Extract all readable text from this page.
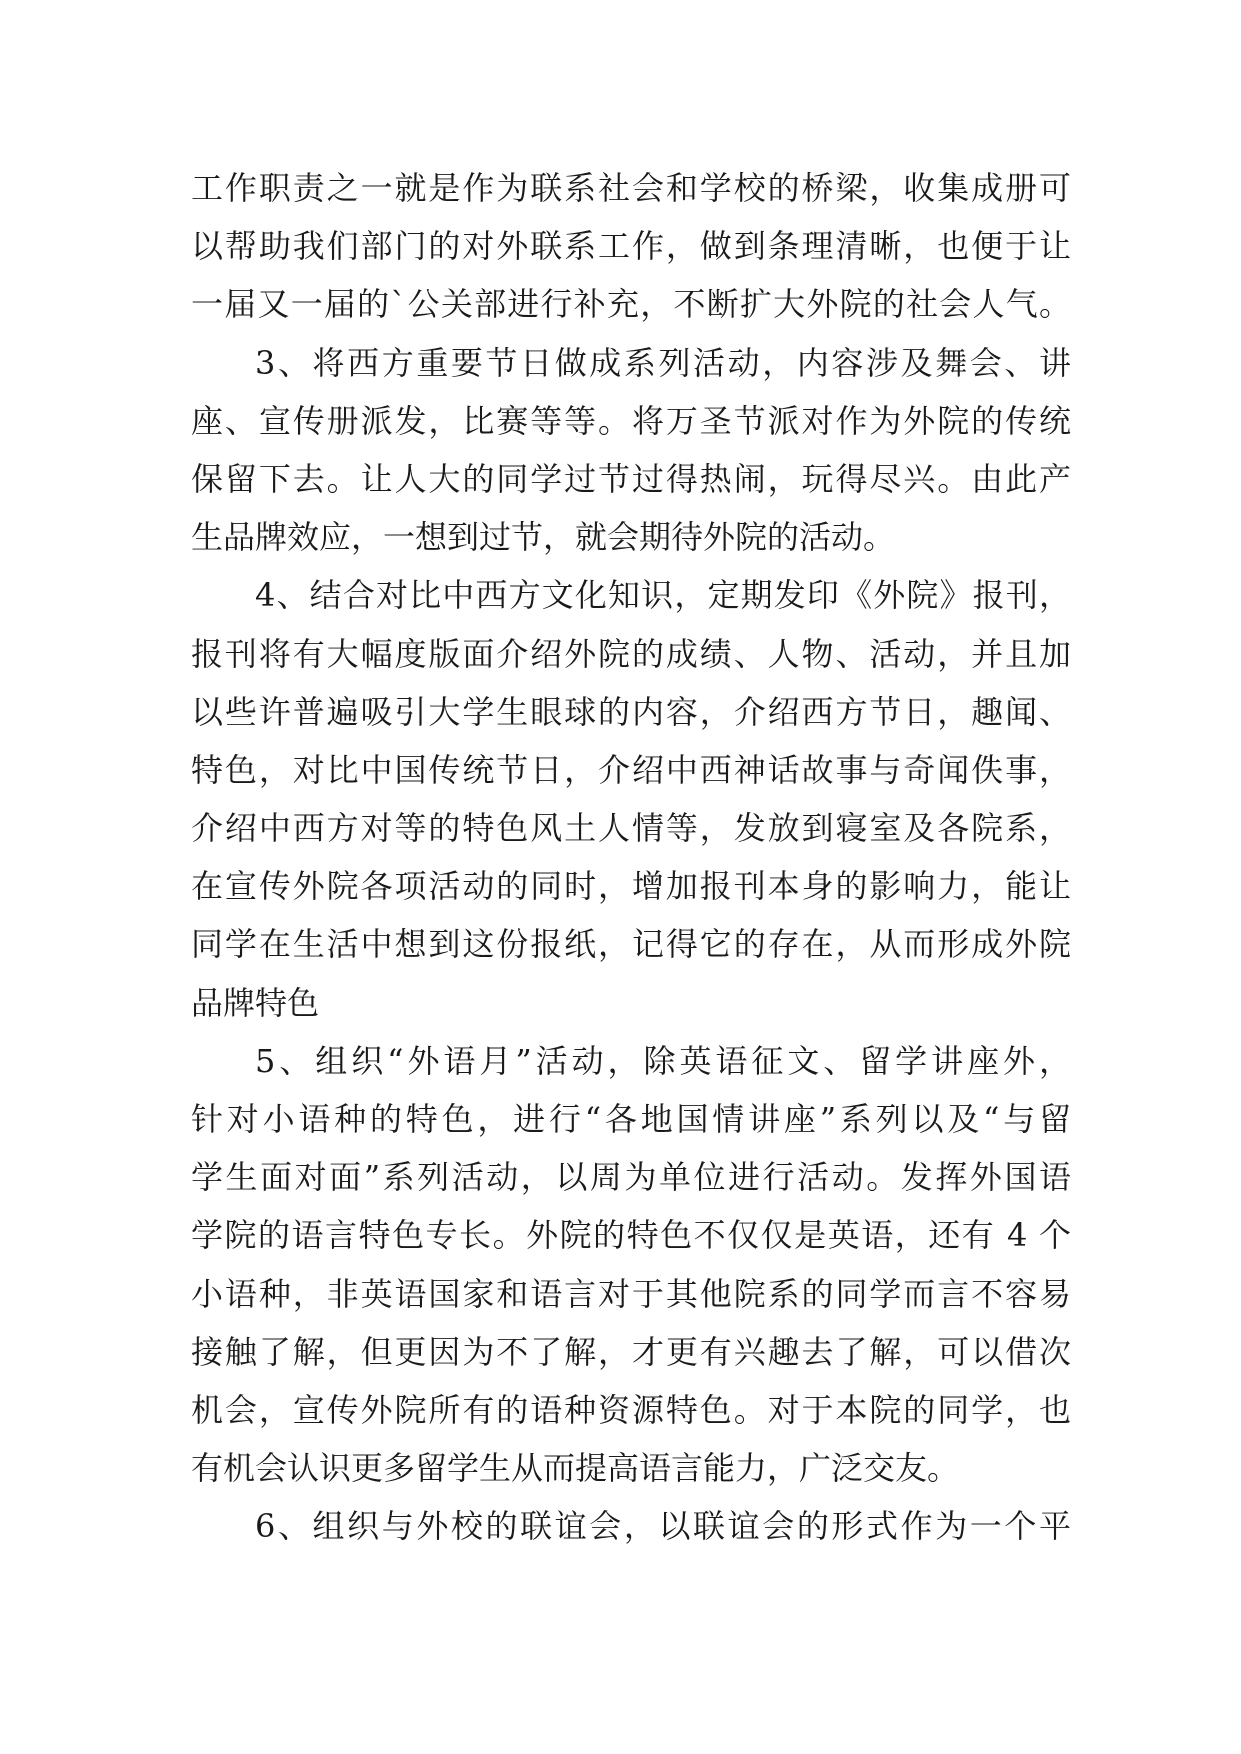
工作职责之一就是作为联系社会和学校的桥梁，收集成册可
以帮助我们部门的对外联系工作，做到条理清晰，也便于让
一届又一届的`公关部进行补充，不断扩大外院的社会人气。
3、将西方重要节日做成系列活动，内容涉及舞会、讲
座、宣传册派发，比赛等等。将万圣节派对作为外院的传统
保留下去。让人大的同学过节过得热闹，玩得尽兴。由此产
生品牌效应，一想到过节，就会期待外院的活动。
4、结合对比中西方文化知识，定期发印《外院》报刊，
报刊将有大幅度版面介绍外院的成绩、人物、活动，并且加
以些许普遍吸引大学生眼球的内容，介绍西方节日，趣闻、
特色，对比中国传统节日，介绍中西神话故事与奇闻佚事，
介绍中西方对等的特色风土人情等，发放到寝室及各院系，
在宣传外院各项活动的同时，增加报刊本身的影响力，能让
同学在生活中想到这份报纸，记得它的存在，从而形成外院
品牌特色
5、组织“外语月”活动，除英语征文、留学讲座外，
针对小语种的特色，进行“各地国情讲座”系列以及“与留
学生面对面”系列活动，以周为单位进行活动。发挥外国语
学院的语言特色专长。外院的特色不仅仅是英语，还有 4 个
小语种，非英语国家和语言对于其他院系的同学而言不容易
接触了解，但更因为不了解，才更有兴趣去了解，可以借次
机会，宣传外院所有的语种资源特色。对于本院的同学，也
有机会认识更多留学生从而提高语言能力，广泛交友。
6、组织与外校的联谊会，以联谊会的形式作为一个平
